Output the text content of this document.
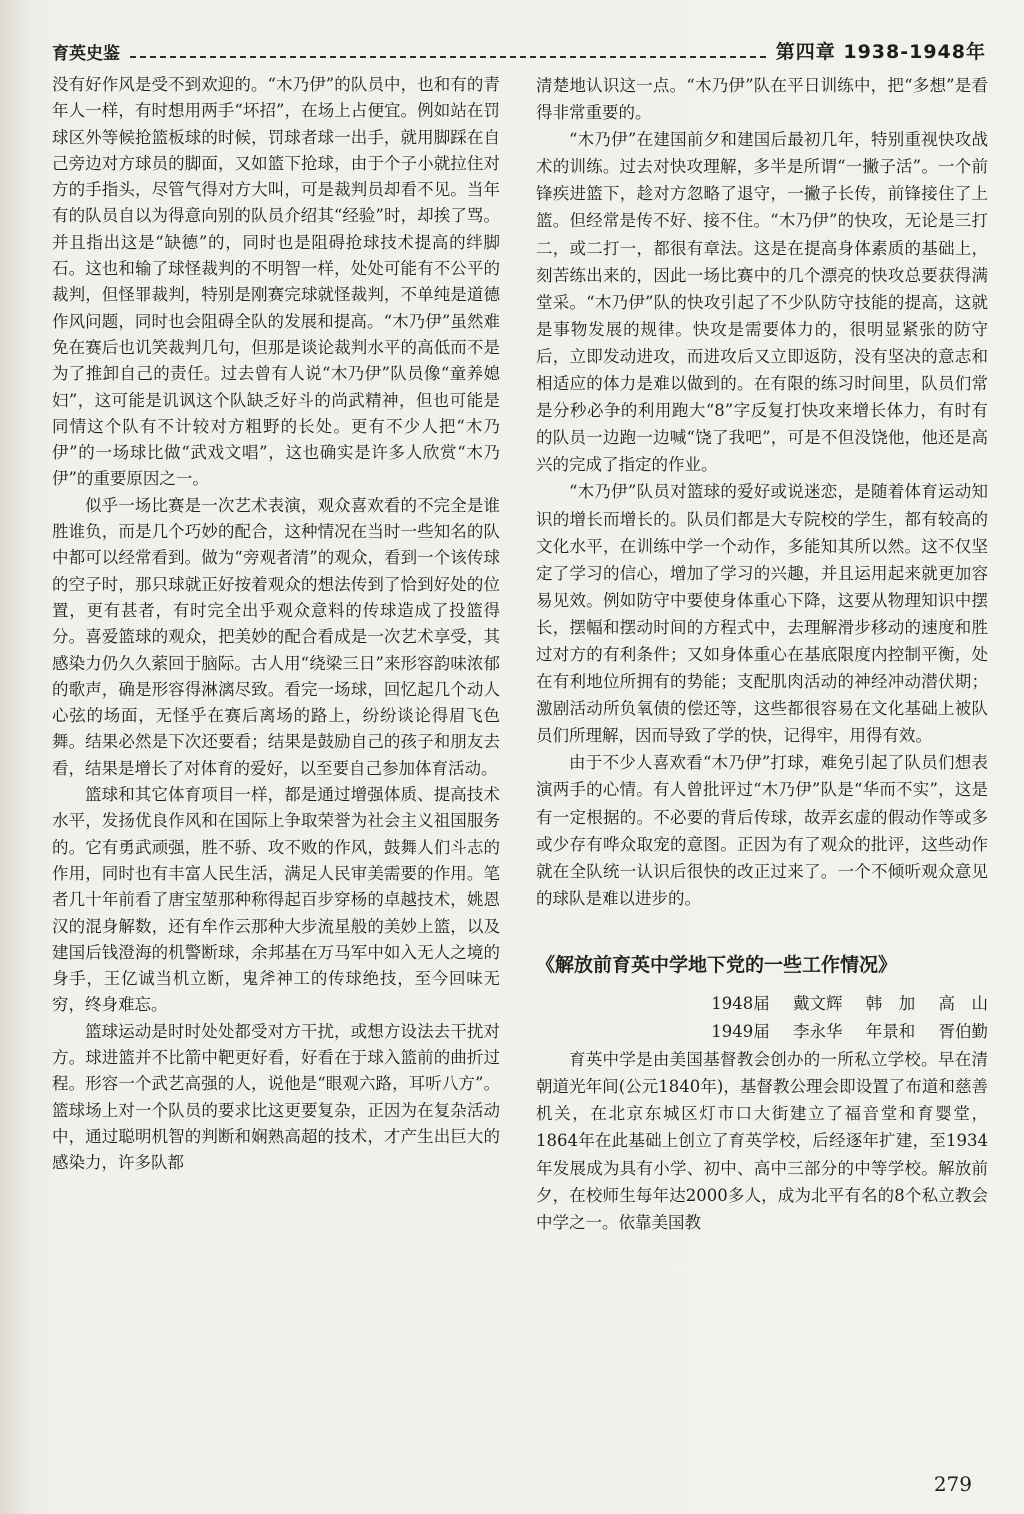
育英史鉴	第四章 1938-1948年

没有好作风是受不到欢迎的。“木乃伊”的队员中，也和有的青年人一样，有时想用两手“坏招”，在场上占便宜。例如站在罚球区外等候抢篮板球的时候，罚球者球一出手，就用脚踩在自己旁边对方球员的脚面，又如篮下抢球，由于个子小就拉住对方的手指头，尽管气得对方大叫，可是裁判员却看不见。当年有的队员自以为得意向别的队员介绍其“经验”时，却挨了骂。并且指出这是“缺德”的，同时也是阻碍抢球技术提高的绊脚石。这也和输了球怪裁判的不明智一样，处处可能有不公平的裁判，但怪罪裁判，特别是刚赛完球就怪裁判，不单纯是道德作风问题，同时也会阻碍全队的发展和提高。“木乃伊”虽然难免在赛后也讥笑裁判几句，但那是谈论裁判水平的高低而不是为了推卸自己的责任。过去曾有人说“木乃伊”队员像“童养媳妇”，这可能是讥讽这个队缺乏好斗的尚武精神，但也可能是同情这个队有不计较对方粗野的长处。更有不少人把“木乃伊”的一场球比做“武戏文唱”，这也确实是许多人欣赏“木乃伊”的重要原因之一。

似乎一场比赛是一次艺术表演，观众喜欢看的不完全是谁胜谁负，而是几个巧妙的配合，这种情况在当时一些知名的队中都可以经常看到。做为“旁观者清”的观众，看到一个该传球的空子时，那只球就正好按着观众的想法传到了恰到好处的位置，更有甚者，有时完全出乎观众意料的传球造成了投篮得分。喜爱篮球的观众，把美妙的配合看成是一次艺术享受，其感染力仍久久萦回于脑际。古人用“绕梁三日”来形容韵味浓郁的歌声，确是形容得淋漓尽致。看完一场球，回忆起几个动人心弦的场面，无怪乎在赛后离场的路上，纷纷谈论得眉飞色舞。结果必然是下次还要看；结果是鼓励自己的孩子和朋友去看，结果是增长了对体育的爱好，以至要自己参加体育活动。

篮球和其它体育项目一样，都是通过增强体质、提高技术水平，发扬优良作风和在国际上争取荣誉为社会主义祖国服务的。它有勇武顽强，胜不骄、攻不败的作风，鼓舞人们斗志的作用，同时也有丰富人民生活，满足人民审美需要的作用。笔者几十年前看了唐宝堃那种称得起百步穿杨的卓越技术，姚恩汉的混身解数，还有牟作云那种大步流星般的美妙上篮，以及建国后钱澄海的机警断球，余邦基在万马军中如入无人之境的身手，王亿诚当机立断，鬼斧神工的传球绝技，至今回味无穷，终身难忘。

篮球运动是时时处处都受对方干扰，或想方设法去干扰对方。球进篮并不比箭中靶更好看，好看在于球入篮前的曲折过程。形容一个武艺高强的人，说他是“眼观六路，耳听八方”。篮球场上对一个队员的要求比这更要复杂，正因为在复杂活动中，通过聪明机智的判断和娴熟高超的技术，才产生出巨大的感染力，许多队都

清楚地认识这一点。“木乃伊”队在平日训练中，把“多想”是看得非常重要的。

“木乃伊”在建国前夕和建国后最初几年，特别重视快攻战术的训练。过去对快攻理解，多半是所谓“一撇子活”。一个前锋疾进篮下，趁对方忽略了退守，一撇子长传，前锋接住了上篮。但经常是传不好、接不住。“木乃伊”的快攻，无论是三打二，或二打一，都很有章法。这是在提高身体素质的基础上，刻苦练出来的，因此一场比赛中的几个漂亮的快攻总要获得满堂采。“木乃伊”队的快攻引起了不少队防守技能的提高，这就是事物发展的规律。快攻是需要体力的，很明显紧张的防守后，立即发动进攻，而进攻后又立即返防，没有坚决的意志和相适应的体力是难以做到的。在有限的练习时间里，队员们常是分秒必争的利用跑大“8”字反复打快攻来增长体力，有时有的队员一边跑一边喊“饶了我吧”，可是不但没饶他，他还是高兴的完成了指定的作业。

“木乃伊”队员对篮球的爱好或说迷恋，是随着体育运动知识的增长而增长的。队员们都是大专院校的学生，都有较高的文化水平，在训练中学一个动作，多能知其所以然。这不仅坚定了学习的信心，增加了学习的兴趣，并且运用起来就更加容易见效。例如防守中要使身体重心下降，这要从物理知识中摆长，摆幅和摆动时间的方程式中，去理解滑步移动的速度和胜过对方的有利条件；又如身体重心在基底限度内控制平衡，处在有利地位所拥有的势能；支配肌肉活动的神经冲动潜伏期；激剧活动所负氧债的偿还等，这些都很容易在文化基础上被队员们所理解，因而导致了学的快，记得牢，用得有效。

由于不少人喜欢看“木乃伊”打球，难免引起了队员们想表演两手的心情。有人曾批评过“木乃伊”队是“华而不实”，这是有一定根据的。不必要的背后传球，故弄玄虚的假动作等或多或少存有哗众取宠的意图。正因为有了观众的批评，这些动作就在全队统一认识后很快的改正过来了。一个不倾听观众意见的球队是难以进步的。

《解放前育英中学地下党的一些工作情况》
1948届 戴文辉 韩　加 高　山
1949届 李永华 年景和 胥伯勤

育英中学是由美国基督教会创办的一所私立学校。早在清朝道光年间(公元1840年)，基督教公理会即设置了布道和慈善机关，在北京东城区灯市口大街建立了福音堂和育婴堂，1864年在此基础上创立了育英学校，后经逐年扩建，至1934年发展成为具有小学、初中、高中三部分的中等学校。解放前夕，在校师生每年达2000多人，成为北平有名的8个私立教会中学之一。依靠美国教

279
